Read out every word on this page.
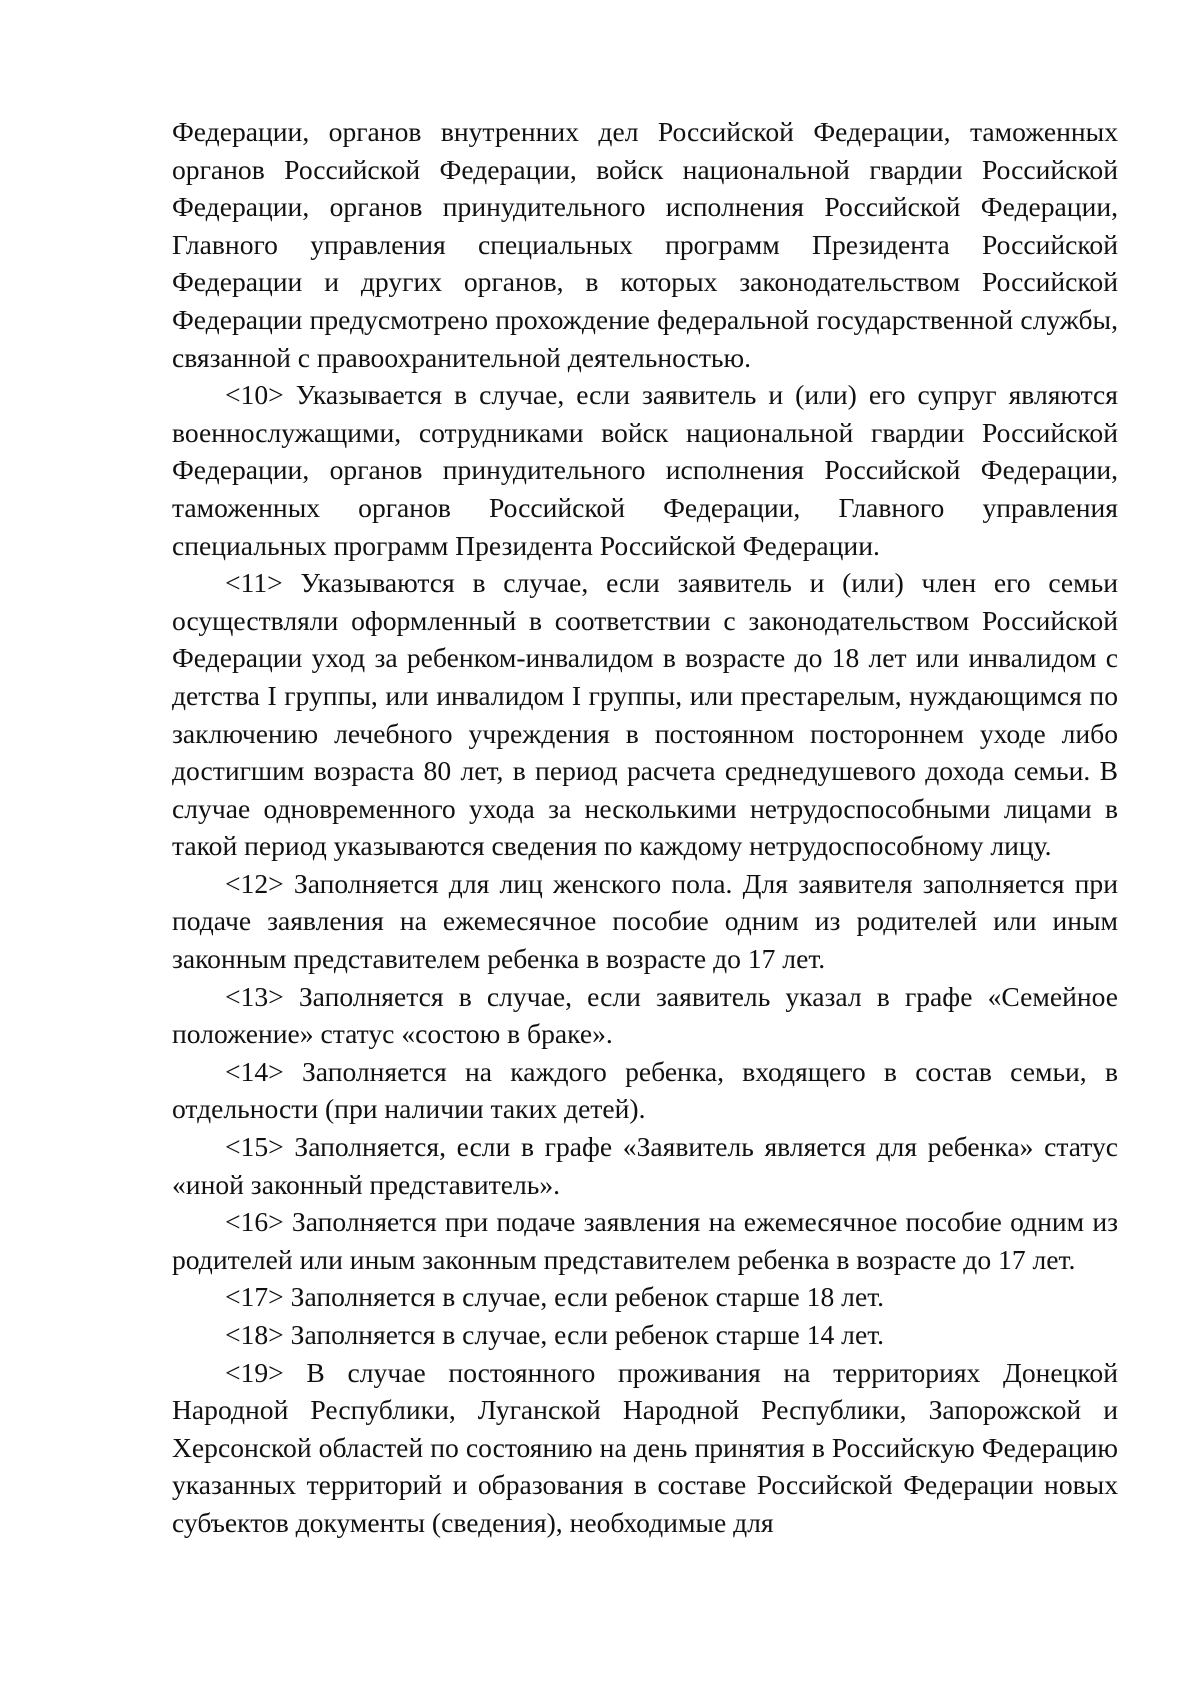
Федерации, органов внутренних дел Российской Федерации, таможенных органов Российской Федерации, войск национальной гвардии Российской Федерации, органов принудительного исполнения Российской Федерации, Главного управления специальных программ Президента Российской Федерации и других органов, в которых законодательством Российской Федерации предусмотрено прохождение федеральной государственной службы, связанной с правоохранительной деятельностью.

<10> Указывается в случае, если заявитель и (или) его супруг являются военнослужащими, сотрудниками войск национальной гвардии Российской Федерации, органов принудительного исполнения Российской Федерации, таможенных органов Российской Федерации, Главного управления специальных программ Президента Российской Федерации.

<11> Указываются в случае, если заявитель и (или) член его семьи осуществляли оформленный в соответствии с законодательством Российской Федерации уход за ребенком-инвалидом в возрасте до 18 лет или инвалидом с детства I группы, или инвалидом I группы, или престарелым, нуждающимся по заключению лечебного учреждения в постоянном постороннем уходе либо достигшим возраста 80 лет, в период расчета среднедушевого дохода семьи. В случае одновременного ухода за несколькими нетрудоспособными лицами в такой период указываются сведения по каждому нетрудоспособному лицу.

<12> Заполняется для лиц женского пола. Для заявителя заполняется при подаче заявления на ежемесячное пособие одним из родителей или иным законным представителем ребенка в возрасте до 17 лет.

<13> Заполняется в случае, если заявитель указал в графе «Семейное положение» статус «состою в браке».

<14> Заполняется на каждого ребенка, входящего в состав семьи, в отдельности (при наличии таких детей).

<15> Заполняется, если в графе «Заявитель является для ребенка» статус «иной законный представитель».

<16> Заполняется при подаче заявления на ежемесячное пособие одним из родителей или иным законным представителем ребенка в возрасте до 17 лет.

<17> Заполняется в случае, если ребенок старше 18 лет.

<18> Заполняется в случае, если ребенок старше 14 лет.

<19> В случае постоянного проживания на территориях Донецкой Народной Республики, Луганской Народной Республики, Запорожской и Херсонской областей по состоянию на день принятия в Российскую Федерацию указанных территорий и образования в составе Российской Федерации новых субъектов документы (сведения), необходимые для
